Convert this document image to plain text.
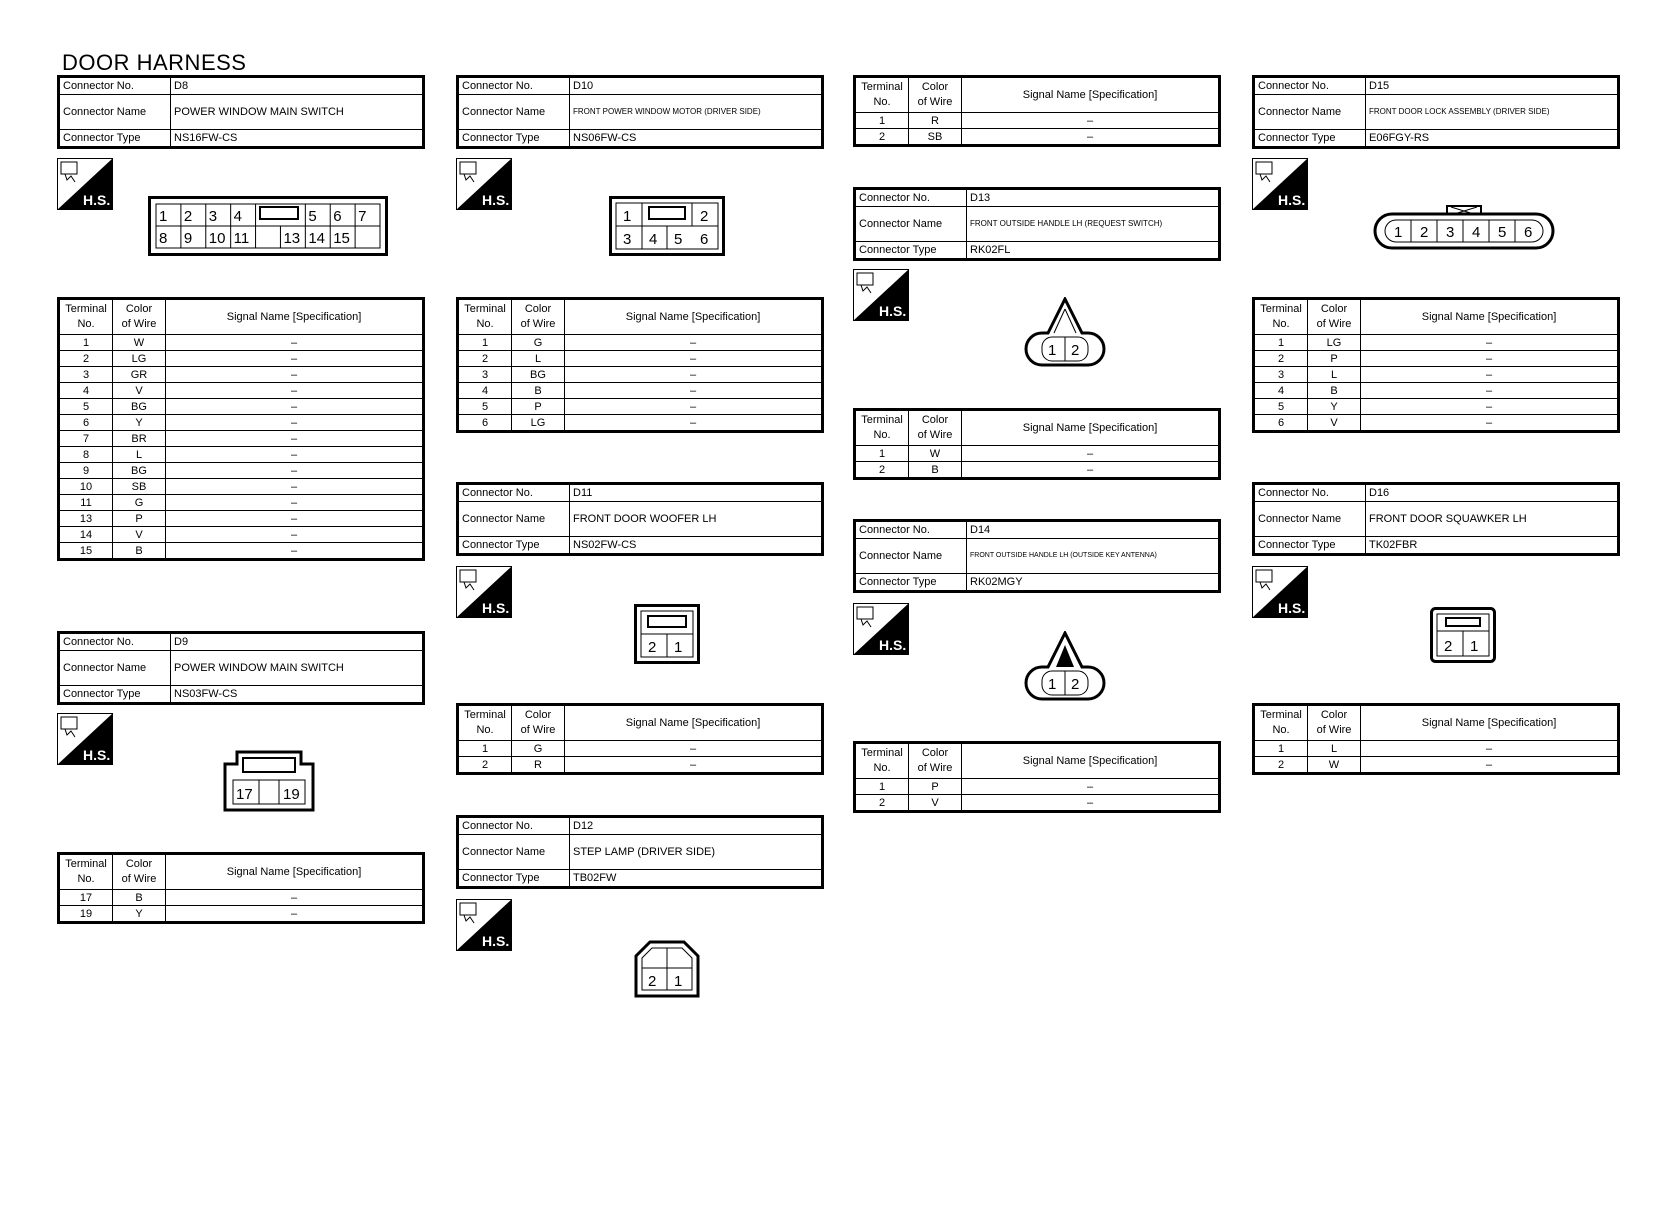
DOOR HARNESS
Connector No.	D8
Connector Name	POWER WINDOW MAIN SWITCH
Connector Type	NS16FW-CS
H.S.
1 2 3 4	5 6 7
8 9 10 11 13 14 15
Terminal
No.	Color
of Wire	Signal Name [Specification]
1	W	–
2	LG	–
3	GR	–
4	V	–
5	BG	–
6	Y	–
7	BR	–
8	L	–
9	BG	–
10	SB	–
11	G	–
13	P	–
14	V	–
15	B	–
Connector No.	D9
Connector Name	POWER WINDOW MAIN SWITCH
Connector Type	NS03FW-CS
H.S.
17 19
Terminal
No.	Color
of Wire	Signal Name [Specification]
17	B	–
19	Y	–
Connector No.	D10
Connector Name	FRONT POWER WINDOW MOTOR (DRIVER SIDE)
Connector Type	NS06FW-CS
H.S.
1	2
3 4 5 6
Terminal
No.	Color
of Wire	Signal Name [Specification]
1	G	–
2	L	–
3	BG	–
4	B	–
5	P	–
6	LG	–
Connector No.	D11
Connector Name	FRONT DOOR WOOFER LH
Connector Type	NS02FW-CS
H.S.
2 1
Terminal
No.	Color
of Wire	Signal Name [Specification]
1	G	–
2	R	–
Connector No.	D12
Connector Name	STEP LAMP (DRIVER SIDE)
Connector Type	TB02FW
H.S.
2 1
Terminal
No.	Color
of Wire	Signal Name [Specification]
1	R	–
2	SB	–
Connector No.	D13
Connector Name	FRONT OUTSIDE HANDLE LH (REQUEST SWITCH)
Connector Type	RK02FL
H.S.
1 2
Terminal
No.	Color
of Wire	Signal Name [Specification]
1	W	–
2	B	–
Connector No.	D14
Connector Name	FRONT OUTSIDE HANDLE LH (OUTSIDE KEY ANTENNA)
Connector Type	RK02MGY
H.S.
1 2
Terminal
No.	Color
of Wire	Signal Name [Specification]
1	P	–
2	V	–
Connector No.	D15
Connector Name	FRONT DOOR LOCK ASSEMBLY (DRIVER SIDE)
Connector Type	E06FGY-RS
H.S.
1 2 3 4 5 6
Terminal
No.	Color
of Wire	Signal Name [Specification]
1	LG	–
2	P	–
3	L	–
4	B	–
5	Y	–
6	V	–
Connector No.	D16
Connector Name	FRONT DOOR SQUAWKER LH
Connector Type	TK02FBR
H.S.
2 1
Terminal
No.	Color
of Wire	Signal Name [Specification]
1	L	–
2	W	–
